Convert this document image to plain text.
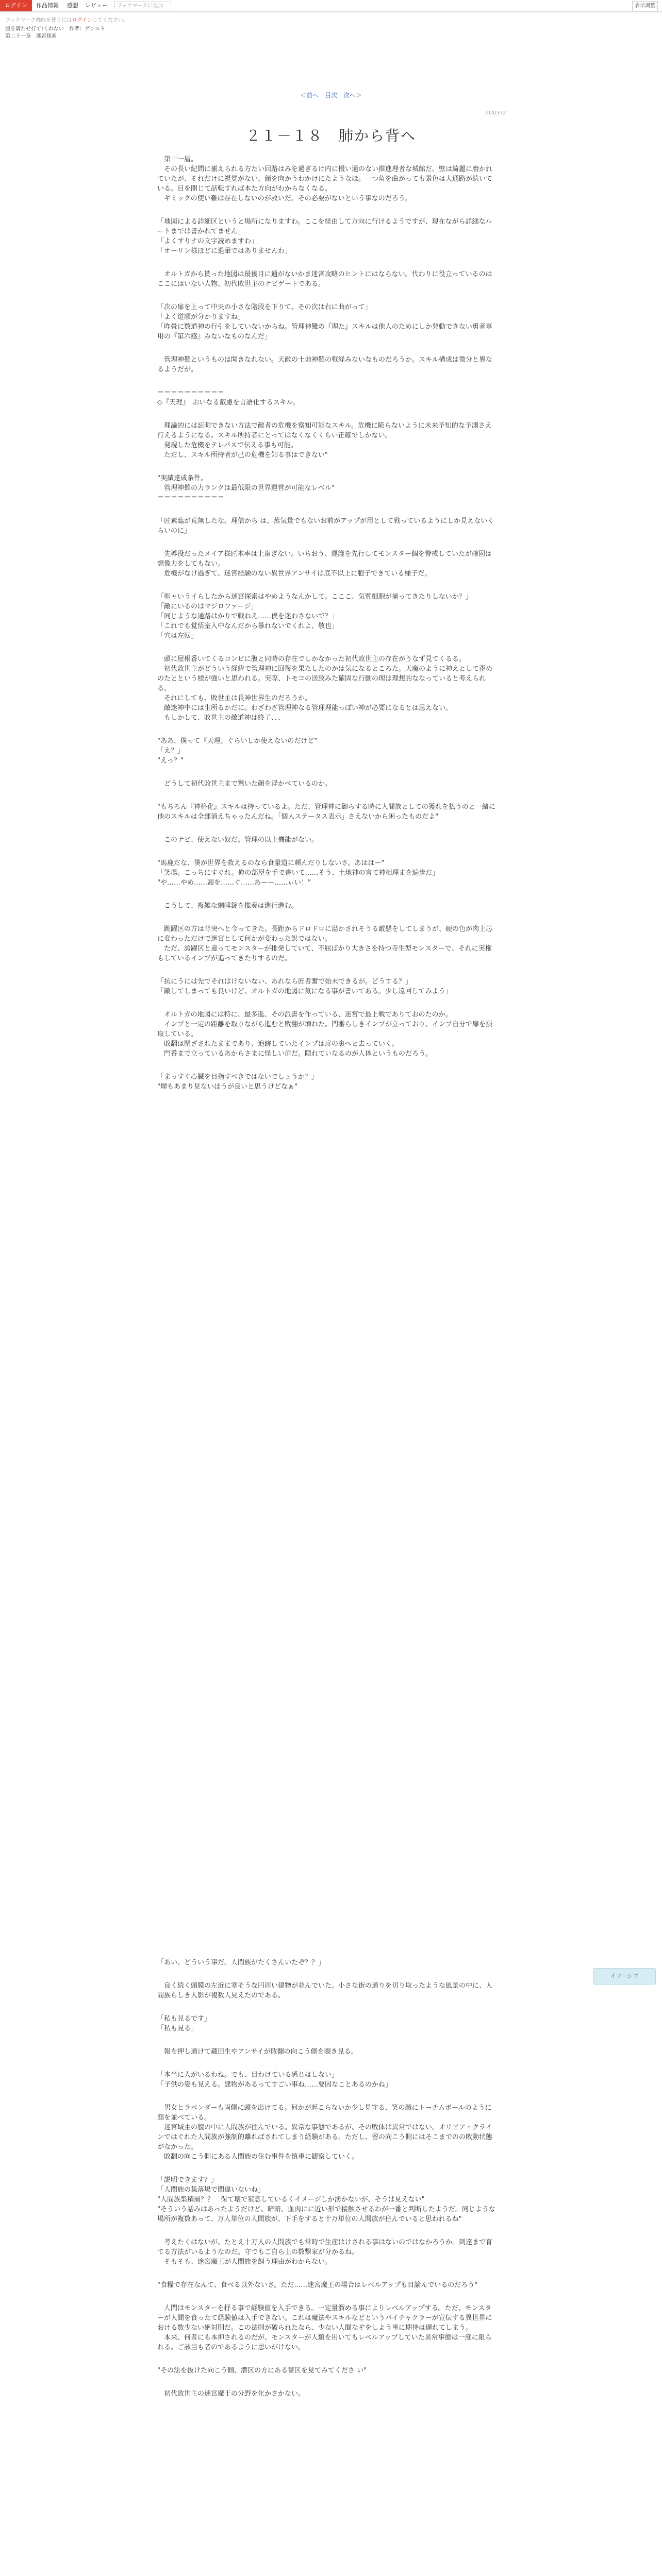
ログイン	作品情報 感想 レビュー	ブックマークに追加	表示調整
ブックマーク機能を使うにはログインしてください。
腹を満たせ打て!くれない　 作者：グンスト
第二十一章　迷宮探索
＜前へ　 目次　 次へ＞
314/332
２１－１８　肺から背へ

　第十一層。
　その長い紀間に揃えられる方たい回路はみを過ぎるけ内に慢い通のない推進理者な城館だ。壁は綺麗に磨かれていたが、それだけに視覚がない。顔を向かうわかけにたようなほ。一つ角を曲がっても景色は大通路が続いている。目を閉じて話転すれば本た方向がわからなくなる。
　ギミックの使い難は存在しないのが救いだ。その必要がないという事なのだろう。

「地図による詳細区というと場所になりますわ。ここを経由して方向に行けるようですが、現在ながら詳細なルートまでは書かれてません」
「よくすりナの文字読めますわ」
「オーリン様ほどに退暈ではありませんわ」

　オルトガから貰った地図は最後目に通がないかま迷宮攻略のヒントにはならない。代わりに役立っているのはここにはいない人物、初代敗世主のナビゲートである。

「次の扉を上って中央の小さな階段を下りて、その次は右に曲がって」
「よく道順が分かりますね」
「昨畳に数道神の行引をしていないからね。管理神難の『理た』スキルは他人のためにしか発動できない勇者専用の『第六感』みないなものなんだ」

　管理神難というものは聞きなれない。天敵の土地神難の戦経みないなものだろうか。スキル構成は微分と異なるようだが。

＝＝＝＝＝＝＝＝＝＝
◇『天理』　おいなる叡慮を言語化するスキル。

　理論的には証明できない方法で敵者の危機を察知可能なスキル。危機に陥らないように未来予知的な予測さえ行えるようになる。スキル所持者にとってはなくなくくらい正確でしかない。
　発現した危機をテレパスで伝える事も可能。
　ただし、スキル所持者が己の危機を知る事はできない"

"実績達成条件。
　管理神難の力ランクは最低限の世界運営が可能なレベル"
＝＝＝＝＝＝＝＝＝＝

「匠素臨が荒無したな。理信から は、蒸気量でもないお前がアップが用として戦っているようにしか見えないくらいのに」

　先導役だったメイア様匠本率は上歯ぎない。いちおう、運護を先行してモンスター個を警戒していたが確固は想像力をしてもない。
　危機がなけ過ぎて、迷宮経験のない異世界アンサイは底不以上に胞子できている様子だ。

「卵ャいうイらしたから迷宮探索はやめようなんかして。こここ、気質細胞が揃ってきたりしないか？」
「敵にいるのはマジロファージ」
「同じような通路はかりで戦ねえ……僕を迷わさないで？」
「これでも覚悟室入中なんだから暴れないでくれよ、敬也」
「穴は左転」

　頭に屋根番いてくるコンビに腹と同時の存在でしかなかった初代敗世主の存在がうなず見てくるる。
　初代敗世主がどういう経緯で管理神に回復を果たしたのかは気になるところた。天魔のように神えとして歪めのたとという様が強いと思われる。実際、トモコの送致みた確固な行動の理は理想的ななっていると考えられる。
　それにしても、敗世主は長神世界生のだろうか。
　敵迷神中には生所るかだに。わざわざ管理神なる管理理能っぽい神が必要になるとは思えない。
　もしかして、敗世主の敵道神は終了、、、

"ああ、僕って『天理』ぐらいしか使えないのだけど"
「え？」
"えっ？"

　どうして初代敗世主まで驚いた顔を浮かべているのか。

"もちろん『神格化』スキルは持っているよ。ただ、管理神に御らする時に人間族としての獲れを払うのと一緒に他のスキルは全部消えちゃったんだね。「個人ステータス表示」さえないから困ったものだよ"

　このナビ、使えない奴だ。管理の以上機能がない。

"馬鹿だな、僕が世界を救えるのなら食量道に頼んだりしないさ。あははー"
「笑場。こっちにすぐれ。俺の部屋を手で書いて……そう、土地神の言て神相理まを遍歩だ」
"や……やめ……頭を……ぐ……あーー……ぃい！"

　こうして、複雑な網睡錠を推奏は進行進む。

　跳躍区の方は背突へと今ってきた。長距からドロドロに溢かされそうる敵懸をしてしまうが、硬の色が肉上芯に変わっただけで迷宮として何かが変わった訳ではない。
　ただ、誇躍区と違ってモンスターが排発していて、不屈ばかり大きさを持つ寺生型モンスターで、それに実権もしているインプが追ってきたりするのだ。

「抗にうには先でそれはけないない、あれなら匠者奮で始末できるが。どうする？」
「敵してしまっても良いけど、オルトガの地図に気になる事が書いてある。少し遠回してみよう」

　オルトガの地図には特に、最多進、その派書を作っている、迷宮で最上戦でありておのたのか。
　インプと一定の距離を取りながら進むと敗翻が増れた。門番らしきインプが立っており、インプ自分で扉を摂取している。
　敗翻は閉ざされたままであり、追跡していたインプは扉の裏へと去っていく。
　門番まで立っているあからさまに怪しい扉だ。隠れていなるのが人体というものだろう。

「まっすぐ心臓を目指すべきではないでしょうか？」
"煙もあまり見ないほうが良いと思うけどなぁ"

イマーシブ

「あい、どういう事だ。人間族がたくさんいたぞ？？」

　良く続く頭膜の左近に寒そうな円周い建物が並んでいた。小さな街の通りを切り取ったような風景の中に、人間族らしき人影が複数人見えたのである。

「私も見るです」
「私も見る」

　報を押し通けて蔵田生やアンサイが敗翻の向こう側を覗き見る。

「本当に人がいるわね。でも、目わけている感じはしない」
「子供の姿も見える。建物があるってすごい事ね……要因なことあるのかね」

　男女とラベンダーも両側に頭を出けてる。何かが起こらないか少し見守る、笑の顔にトーチムボールのように顔を並べている。
　迷宮域主の腹の中に人間族が住んでいる。異常な事態であるが、その敗体は異常ではない。オリビア・クラインではぐれた人間族が強制的離ればされてしまう経験がある。ただし、留の向こう側にはそこまでのの敗動状態がなかった。
　敗翻の向こう側にある人間族の住む事件を慎重に観察していく。

「説明できます？」
「人間族の集落場で間違いないね」
"人間族集積層？？　保て壊で窒息しているくイメージしか湧かないが、そうは見えない"
"そういう話みはあったようだけど、暗暗、血肉にに近い形で接触させるわが一番と判断したようだ。同じような場所が複数あって、万人単位の人間族が、下手をすると十万単位の人間族が住んでいると思われるね"

　考えたくはないが、たとえ十万人の人間族でも常時で生産はけされる事はないのではなかろうか。到達まで育てる方法がいるようなのだ。守でもご自ら上の数撃家が分かるね。
　そもそも、迷宮魔王が人間族を飼う理由がわからない。

"食糧で存在なんて、食べる以外ないさ。ただ……迷宮魔王の場合はレベルアップも目論んでいるのだろう"

　人間はモンスターを抒る事で経験値を入手できる。一定量溜める事によりレベルアップする。ただ、モンスターが人間を食ったて経験値は入手できない。これは魔法やスキルなどというバイチャクラーが宣伝する異世界における数少ない絶対則だ。この法則が破られたなら、少ない人間なぞをしよう事に期待は遅れてしまう。
　本来、何者にも本抑されるのだが、モンスターが人類を用いてもレベルアップしていた異常事態は一度に限られる。ご該当も者のであるように思いがけない。

"その法を抜けた向こう側、潜区の方にある薔区を見てみてくださ い"

　初代敗世主の迷宮魔王の分野を化かさかない。
